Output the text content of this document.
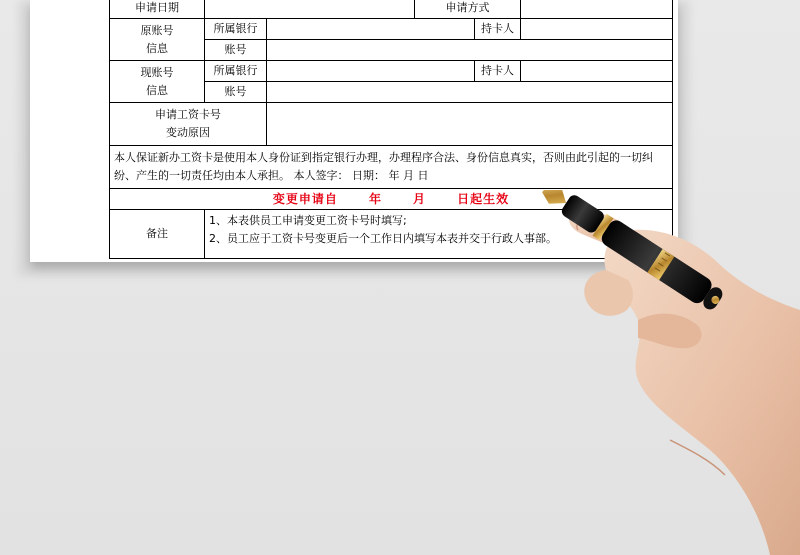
申请日期			申请方式		
原账号
信息	所属银行			持卡人	
	账号				
现账号
信息	所属银行			持卡人	
	账号				
申请工资卡号
变动原因					
本人保证新办工资卡是使用本人身份证到指定银行办理，办理程序合法、身份信息真实，否则由此引起的一切纠纷、产生的一切责任均由本人承担。 本人签字： 日期： 年 月 日					
变更申请自      年      月      日起生效					
备注	1、本表供员工申请变更工资卡号时填写;
2、员工应于工资卡号变更后一个工作日内填写本表并交于行政人事部。				
